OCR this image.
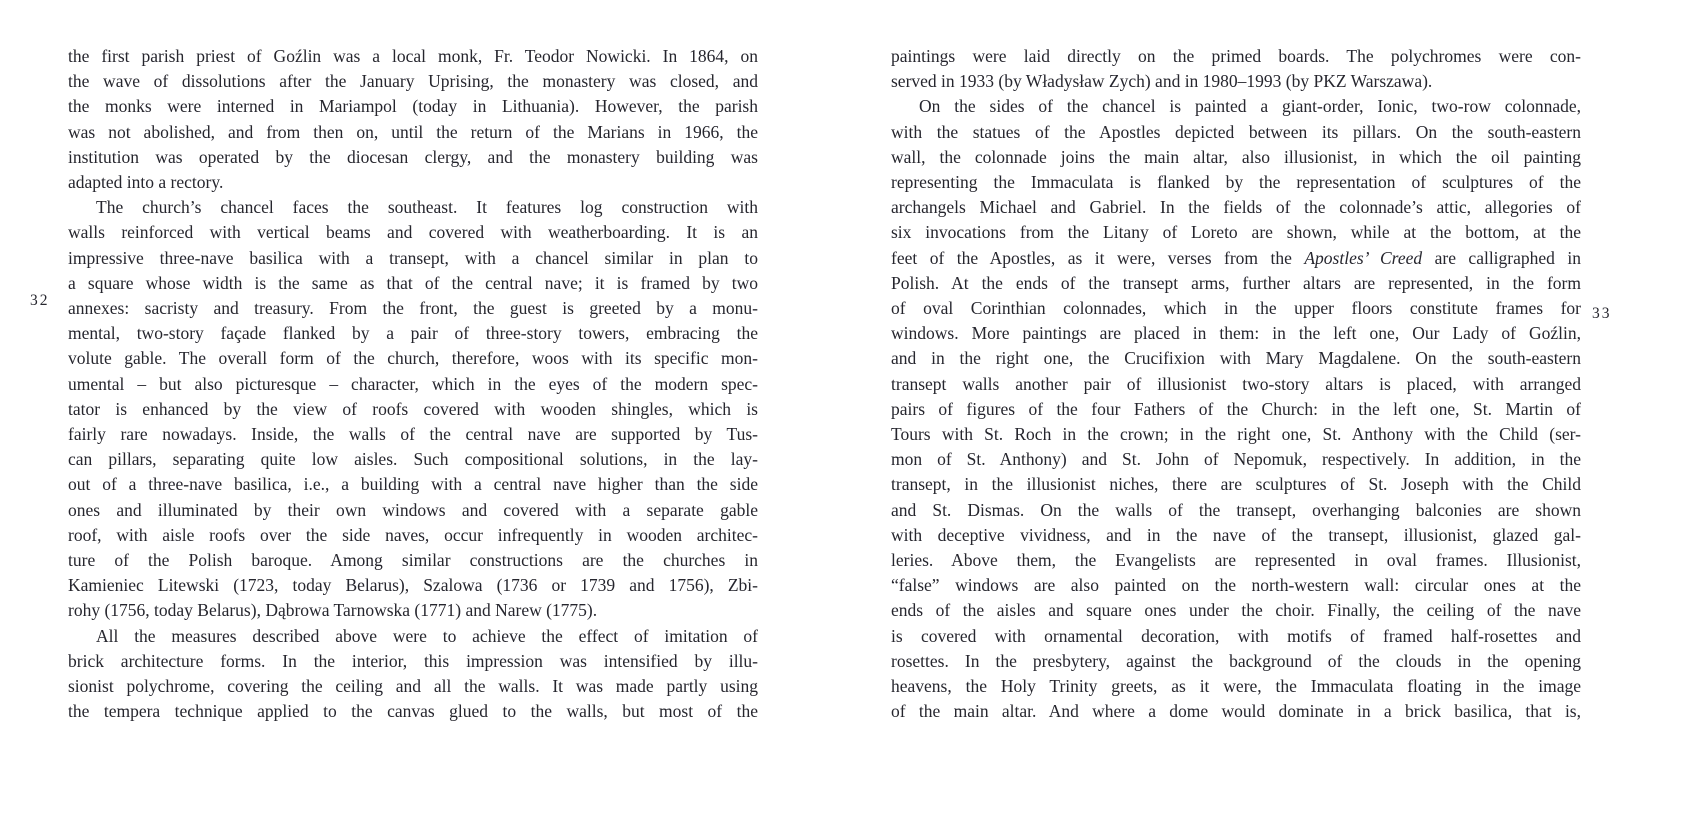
32
the first parish priest of Goźlin was a local monk, Fr. Teodor Nowicki. In 1864, on
the wave of dissolutions after the January Uprising, the monastery was closed, and
the monks were interned in Mariampol (today in Lithuania). However, the parish
was not abolished, and from then on, until the return of the Marians in 1966, the
institution was operated by the diocesan clergy, and the monastery building was
adapted into a rectory.
The church’s chancel faces the southeast. It features log construction with
walls reinforced with vertical beams and covered with weatherboarding. It is an
impressive three-nave basilica with a transept, with a chancel similar in plan to
a square whose width is the same as that of the central nave; it is framed by two
annexes: sacristy and treasury. From the front, the guest is greeted by a monu-
mental, two-story façade flanked by a pair of three-story towers, embracing the
volute gable. The overall form of the church, therefore, woos with its specific mon-
umental – but also picturesque – character, which in the eyes of the modern spec-
tator is enhanced by the view of roofs covered with wooden shingles, which is
fairly rare nowadays. Inside, the walls of the central nave are supported by Tus-
can pillars, separating quite low aisles. Such compositional solutions, in the lay-
out of a three-nave basilica, i.e., a building with a central nave higher than the side
ones and illuminated by their own windows and covered with a separate gable
roof, with aisle roofs over the side naves, occur infrequently in wooden architec-
ture of the Polish baroque. Among similar constructions are the churches in
Kamieniec Litewski (1723, today Belarus), Szalowa (1736 or 1739 and 1756), Zbi-
rohy (1756, today Belarus), Dąbrowa Tarnowska (1771) and Narew (1775).
All the measures described above were to achieve the effect of imitation of
brick architecture forms. In the interior, this impression was intensified by illu-
sionist polychrome, covering the ceiling and all the walls. It was made partly using
the tempera technique applied to the canvas glued to the walls, but most of the
paintings were laid directly on the primed boards. The polychromes were con-
served in 1933 (by Władysław Zych) and in 1980–1993 (by PKZ Warszawa).
On the sides of the chancel is painted a giant-order, Ionic, two-row colonnade,
with the statues of the Apostles depicted between its pillars. On the south-eastern
wall, the colonnade joins the main altar, also illusionist, in which the oil painting
representing the Immaculata is flanked by the representation of sculptures of the
archangels Michael and Gabriel. In the fields of the colonnade’s attic, allegories of
six invocations from the Litany of Loreto are shown, while at the bottom, at the
feet of the Apostles, as it were, verses from the Apostles’ Creed are calligraphed in
Polish. At the ends of the transept arms, further altars are represented, in the form
of oval Corinthian colonnades, which in the upper floors constitute frames for
windows. More paintings are placed in them: in the left one, Our Lady of Goźlin,
and in the right one, the Crucifixion with Mary Magdalene. On the south-eastern
transept walls another pair of illusionist two-story altars is placed, with arranged
pairs of figures of the four Fathers of the Church: in the left one, St. Martin of
Tours with St. Roch in the crown; in the right one, St. Anthony with the Child (ser-
mon of St. Anthony) and St. John of Nepomuk, respectively. In addition, in the
transept, in the illusionist niches, there are sculptures of St. Joseph with the Child
and St. Dismas. On the walls of the transept, overhanging balconies are shown
with deceptive vividness, and in the nave of the transept, illusionist, glazed gal-
leries. Above them, the Evangelists are represented in oval frames. Illusionist,
“false” windows are also painted on the north-western wall: circular ones at the
ends of the aisles and square ones under the choir. Finally, the ceiling of the nave
is covered with ornamental decoration, with motifs of framed half-rosettes and
rosettes. In the presbytery, against the background of the clouds in the opening
heavens, the Holy Trinity greets, as it were, the Immaculata floating in the image
of the main altar. And where a dome would dominate in a brick basilica, that is,
33
